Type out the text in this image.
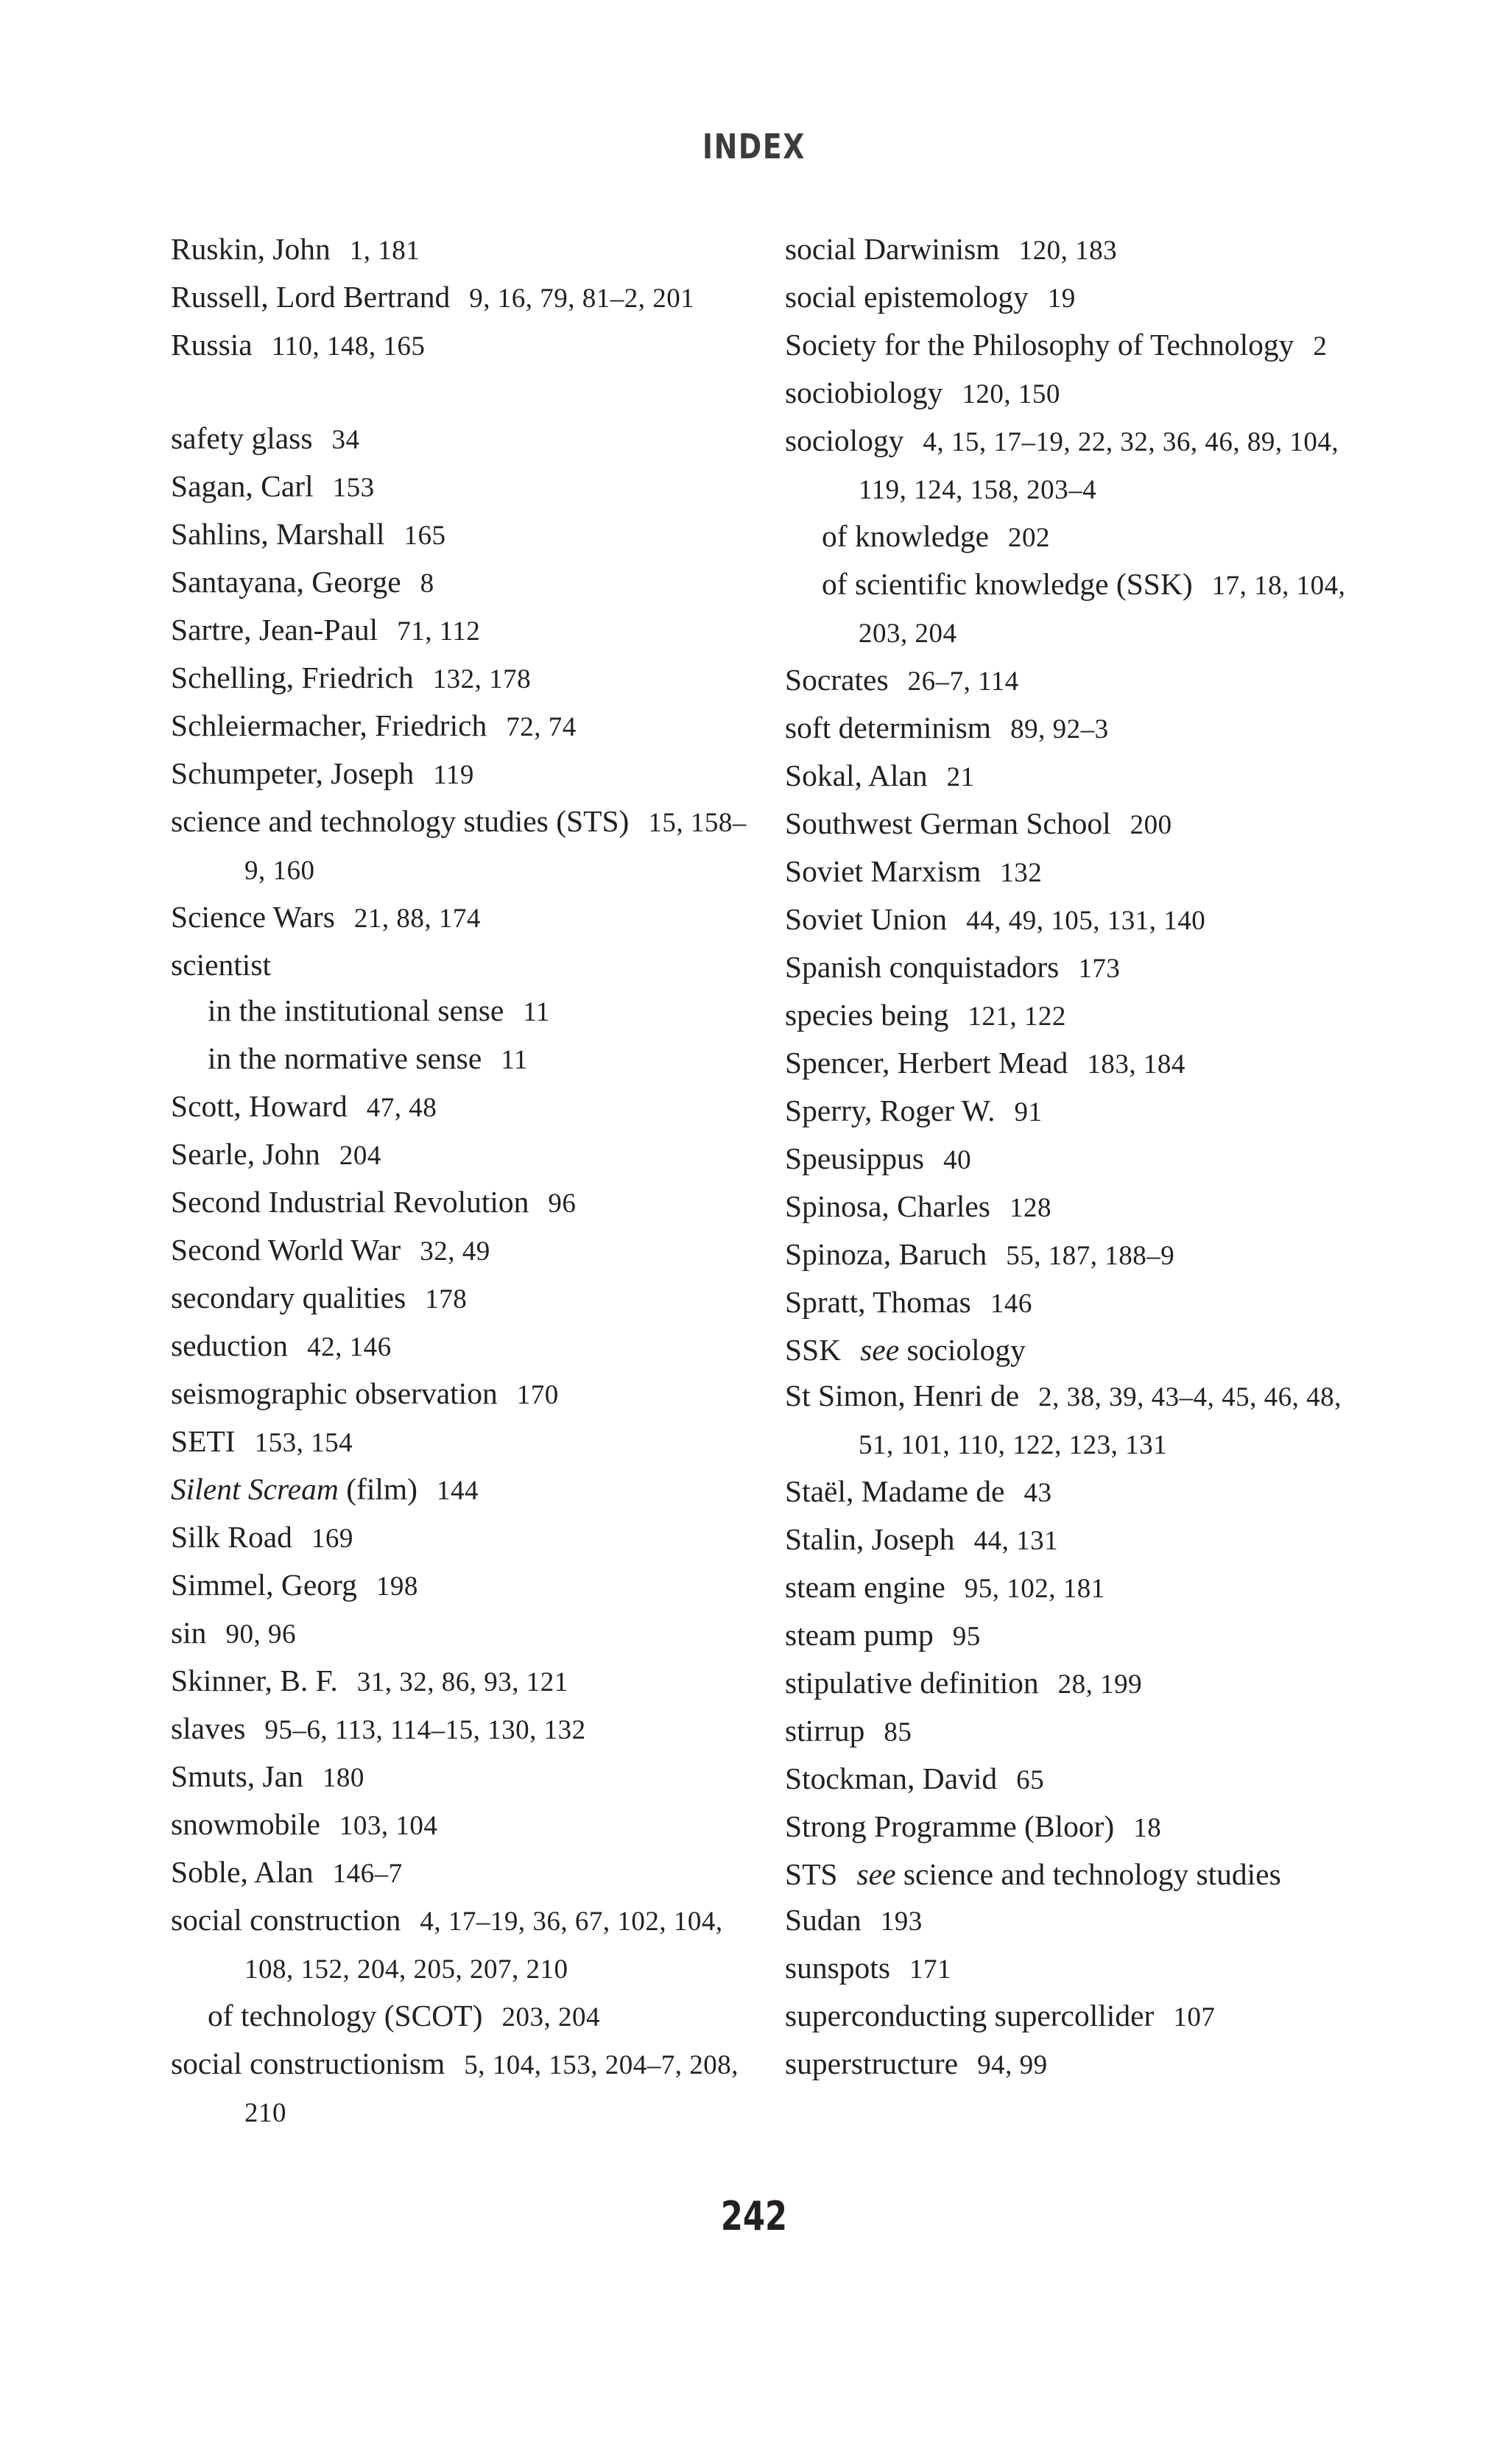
INDEX
Ruskin, John 1, 181
Russell, Lord Bertrand 9, 16, 79, 81–2, 201
Russia 110, 148, 165
safety glass 34
Sagan, Carl 153
Sahlins, Marshall 165
Santayana, George 8
Sartre, Jean-Paul 71, 112
Schelling, Friedrich 132, 178
Schleiermacher, Friedrich 72, 74
Schumpeter, Joseph 119
science and technology studies (STS) 15, 158–9, 160
Science Wars 21, 88, 174
scientist
in the institutional sense 11
in the normative sense 11
Scott, Howard 47, 48
Searle, John 204
Second Industrial Revolution 96
Second World War 32, 49
secondary qualities 178
seduction 42, 146
seismographic observation 170
SETI 153, 154
Silent Scream (film) 144
Silk Road 169
Simmel, Georg 198
sin 90, 96
Skinner, B. F. 31, 32, 86, 93, 121
slaves 95–6, 113, 114–15, 130, 132
Smuts, Jan 180
snowmobile 103, 104
Soble, Alan 146–7
social construction 4, 17–19, 36, 67, 102, 104, 108, 152, 204, 205, 207, 210
of technology (SCOT) 203, 204
social constructionism 5, 104, 153, 204–7, 208, 210
social Darwinism 120, 183
social epistemology 19
Society for the Philosophy of Technology 2
sociobiology 120, 150
sociology 4, 15, 17–19, 22, 32, 36, 46, 89, 104, 119, 124, 158, 203–4
of knowledge 202
of scientific knowledge (SSK) 17, 18, 104, 203, 204
Socrates 26–7, 114
soft determinism 89, 92–3
Sokal, Alan 21
Southwest German School 200
Soviet Marxism 132
Soviet Union 44, 49, 105, 131, 140
Spanish conquistadors 173
species being 121, 122
Spencer, Herbert Mead 183, 184
Sperry, Roger W. 91
Speusippus 40
Spinosa, Charles 128
Spinoza, Baruch 55, 187, 188–9
Spratt, Thomas 146
SSK see sociology
St Simon, Henri de 2, 38, 39, 43–4, 45, 46, 48, 51, 101, 110, 122, 123, 131
Staël, Madame de 43
Stalin, Joseph 44, 131
steam engine 95, 102, 181
steam pump 95
stipulative definition 28, 199
stirrup 85
Stockman, David 65
Strong Programme (Bloor) 18
STS see science and technology studies
Sudan 193
sunspots 171
superconducting supercollider 107
superstructure 94, 99
242
